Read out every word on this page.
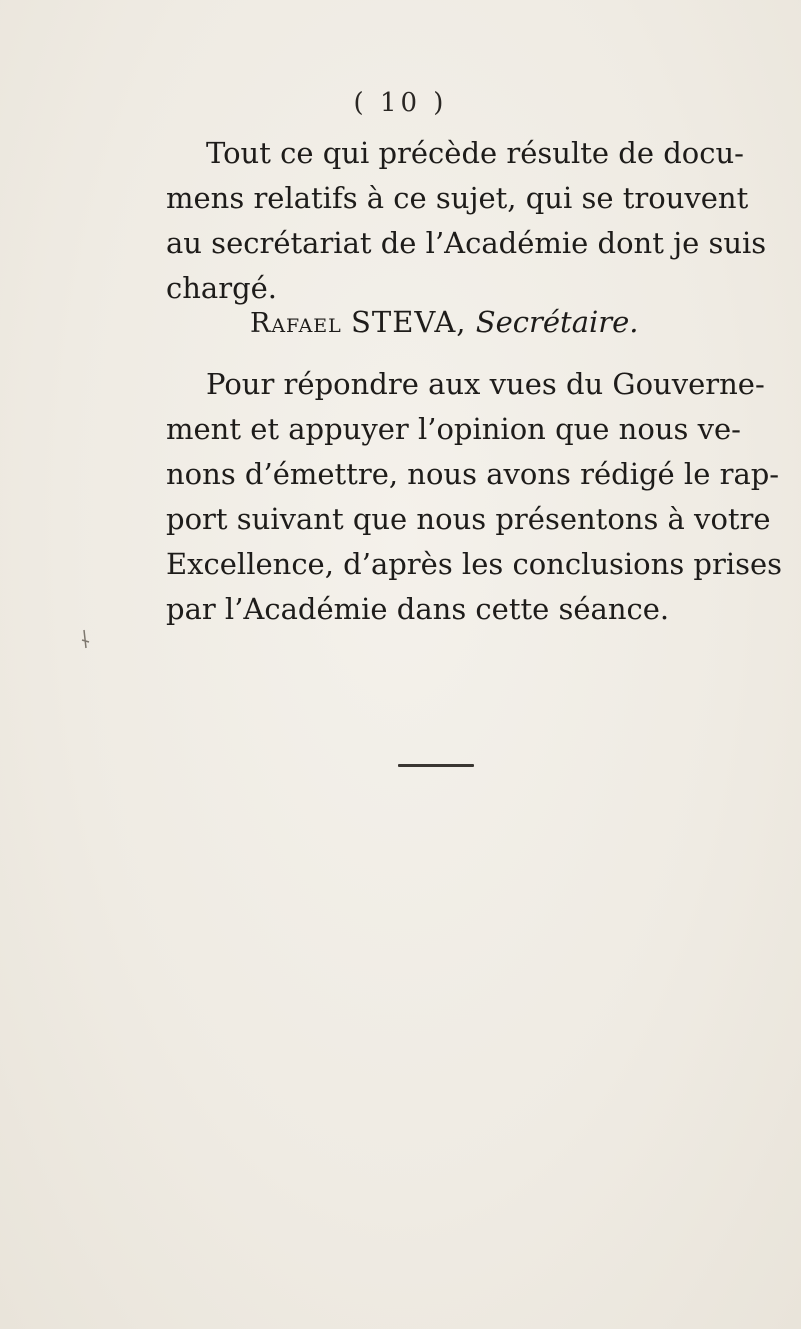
( 10 )
Tout ce qui précède résulte de docu-
mens relatifs à ce sujet, qui se trouvent
au secrétariat de l’Académie dont je suis
chargé.
Rafael STEVA, Secrétaire.
Pour répondre aux vues du Gouverne-
ment et appuyer l’opinion que nous ve-
nons d’émettre, nous avons rédigé le rap-
port suivant que nous présentons à votre
Excellence, d’après les conclusions prises
par l’Académie dans cette séance.
